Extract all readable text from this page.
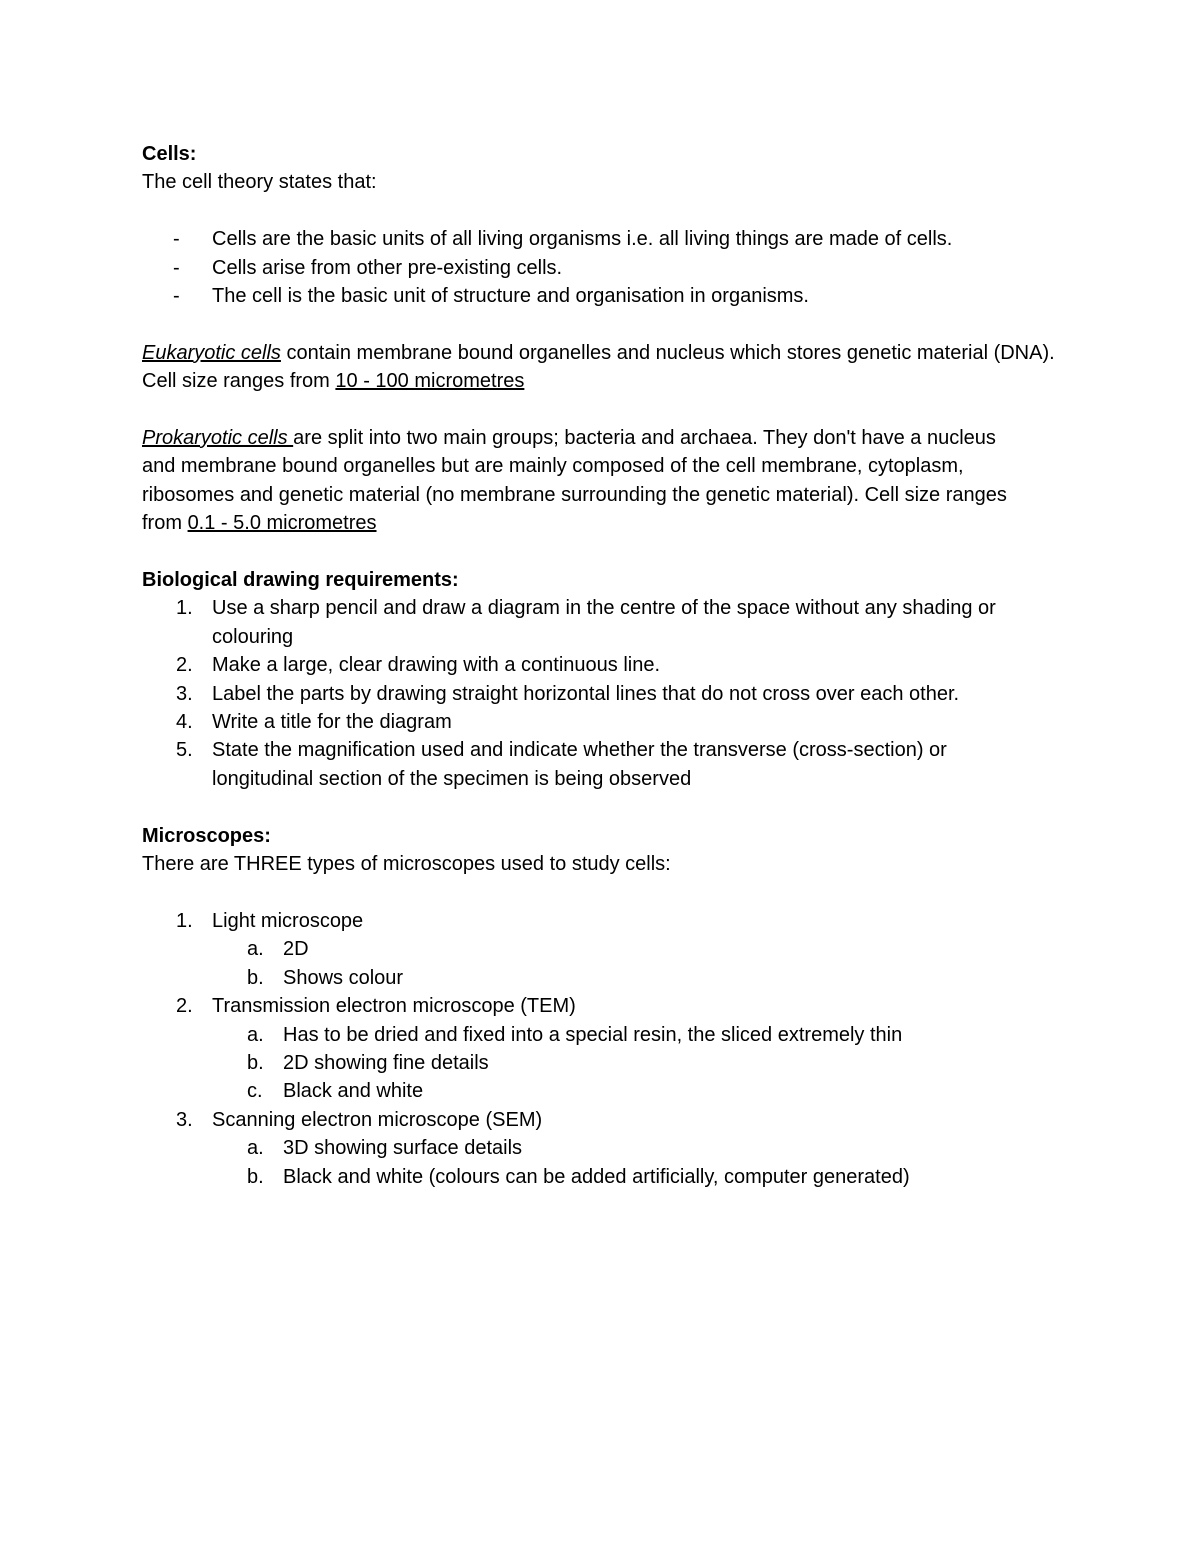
Cells:

The cell theory states that:

-	Cells are the basic units of all living organisms i.e. all living things are made of cells.
-	Cells arise from other pre-existing cells.
-	The cell is the basic unit of structure and organisation in organisms.

Eukaryotic cells contain membrane bound organelles and nucleus which stores genetic material (DNA). Cell size ranges from 10 - 100 micrometres

Prokaryotic cells are split into two main groups; bacteria and archaea. They don't have a nucleus and membrane bound organelles but are mainly composed of the cell membrane, cytoplasm, ribosomes and genetic material (no membrane surrounding the genetic material). Cell size ranges from 0.1 - 5.0 micrometres

Biological drawing requirements:

1. Use a sharp pencil and draw a diagram in the centre of the space without any shading or colouring
2. Make a large, clear drawing with a continuous line.
3. Label the parts by drawing straight horizontal lines that do not cross over each other.
4. Write a title for the diagram
5. State the magnification used and indicate whether the transverse (cross-section) or longitudinal section of the specimen is being observed

Microscopes:

There are THREE types of microscopes used to study cells:

1. Light microscope
a. 2D
b. Shows colour
2. Transmission electron microscope (TEM)
a. Has to be dried and fixed into a special resin, the sliced extremely thin
b. 2D showing fine details
c.	Black and white
3. Scanning electron microscope (SEM)
a. 3D showing surface details
b. Black and white (colours can be added artificially, computer generated)
